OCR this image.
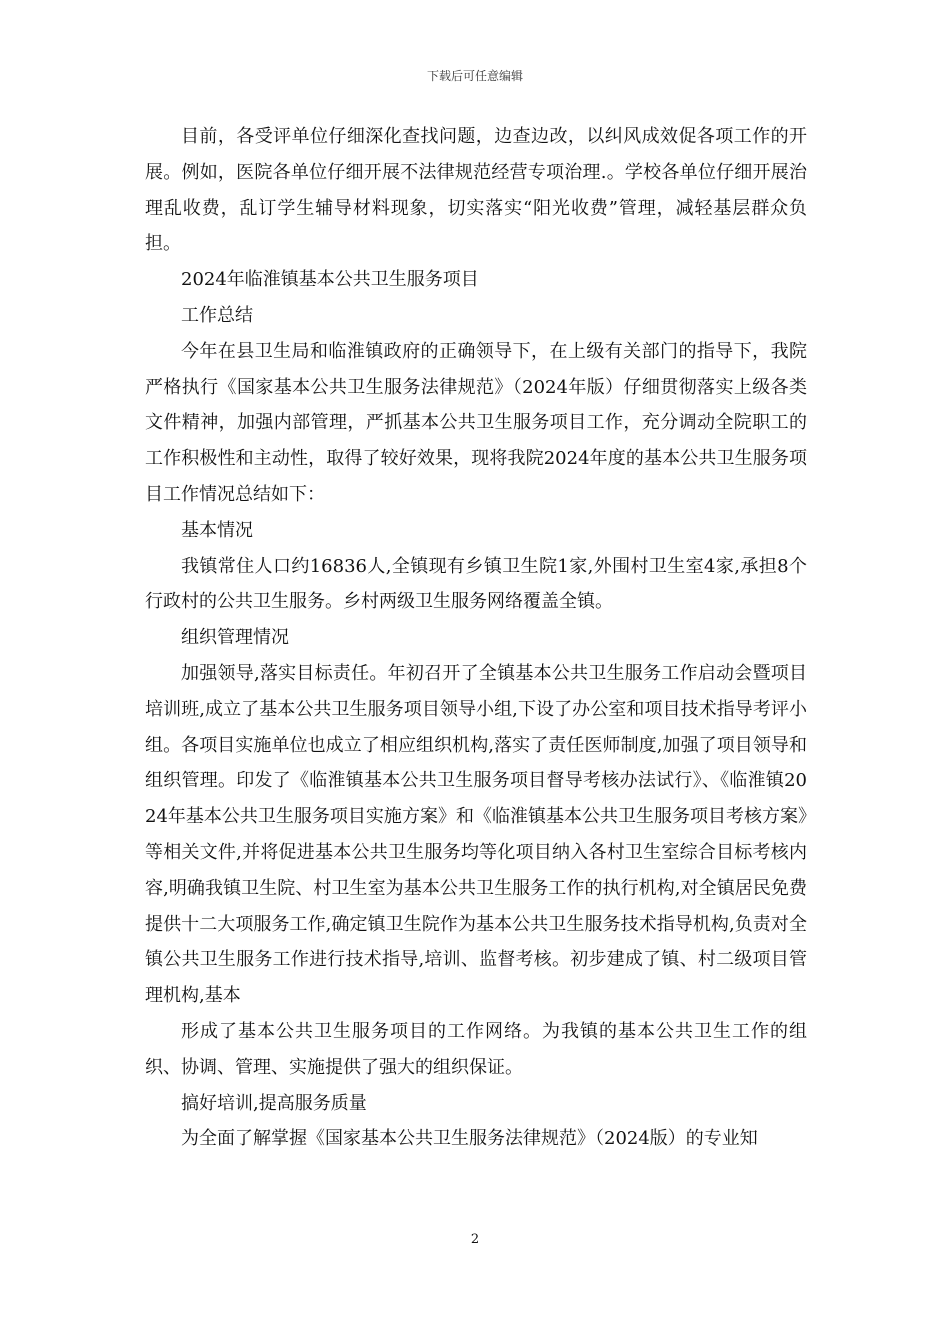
下载后可任意编辑

目前，各受评单位仔细深化查找问题，边查边改，以纠风成效促各项工作的开展。例如，医院各单位仔细开展不法律规范经营专项治理.。学校各单位仔细开展治理乱收费，乱订学生辅导材料现象，切实落实“阳光收费”管理，减轻基层群众负担。

2024年临淮镇基本公共卫生服务项目

工作总结

今年在县卫生局和临淮镇政府的正确领导下，在上级有关部门的指导下，我院严格执行《国家基本公共卫生服务法律规范》（2024年版）仔细贯彻落实上级各类文件精神，加强内部管理，严抓基本公共卫生服务项目工作，充分调动全院职工的工作积极性和主动性，取得了较好效果，现将我院2024年度的基本公共卫生服务项目工作情况总结如下：

基本情况

我镇常住人口约16836人,全镇现有乡镇卫生院1家,外围村卫生室4家,承担8个行政村的公共卫生服务。乡村两级卫生服务网络覆盖全镇。

组织管理情况

加强领导,落实目标责任。年初召开了全镇基本公共卫生服务工作启动会暨项目培训班,成立了基本公共卫生服务项目领导小组,下设了办公室和项目技术指导考评小组。各项目实施单位也成立了相应组织机构,落实了责任医师制度,加强了项目领导和组织管理。印发了《临淮镇基本公共卫生服务项目督导考核办法试行》、《临淮镇2024年基本公共卫生服务项目实施方案》和《临淮镇基本公共卫生服务项目考核方案》等相关文件,并将促进基本公共卫生服务均等化项目纳入各村卫生室综合目标考核内容,明确我镇卫生院、村卫生室为基本公共卫生服务工作的执行机构,对全镇居民免费提供十二大项服务工作,确定镇卫生院作为基本公共卫生服务技术指导机构,负责对全镇公共卫生服务工作进行技术指导,培训、监督考核。初步建成了镇、村二级项目管理机构,基本

形成了基本公共卫生服务项目的工作网络。为我镇的基本公共卫生工作的组织、协调、管理、实施提供了强大的组织保证。

搞好培训,提高服务质量

为全面了解掌握《国家基本公共卫生服务法律规范》（2024版）的专业知

2
